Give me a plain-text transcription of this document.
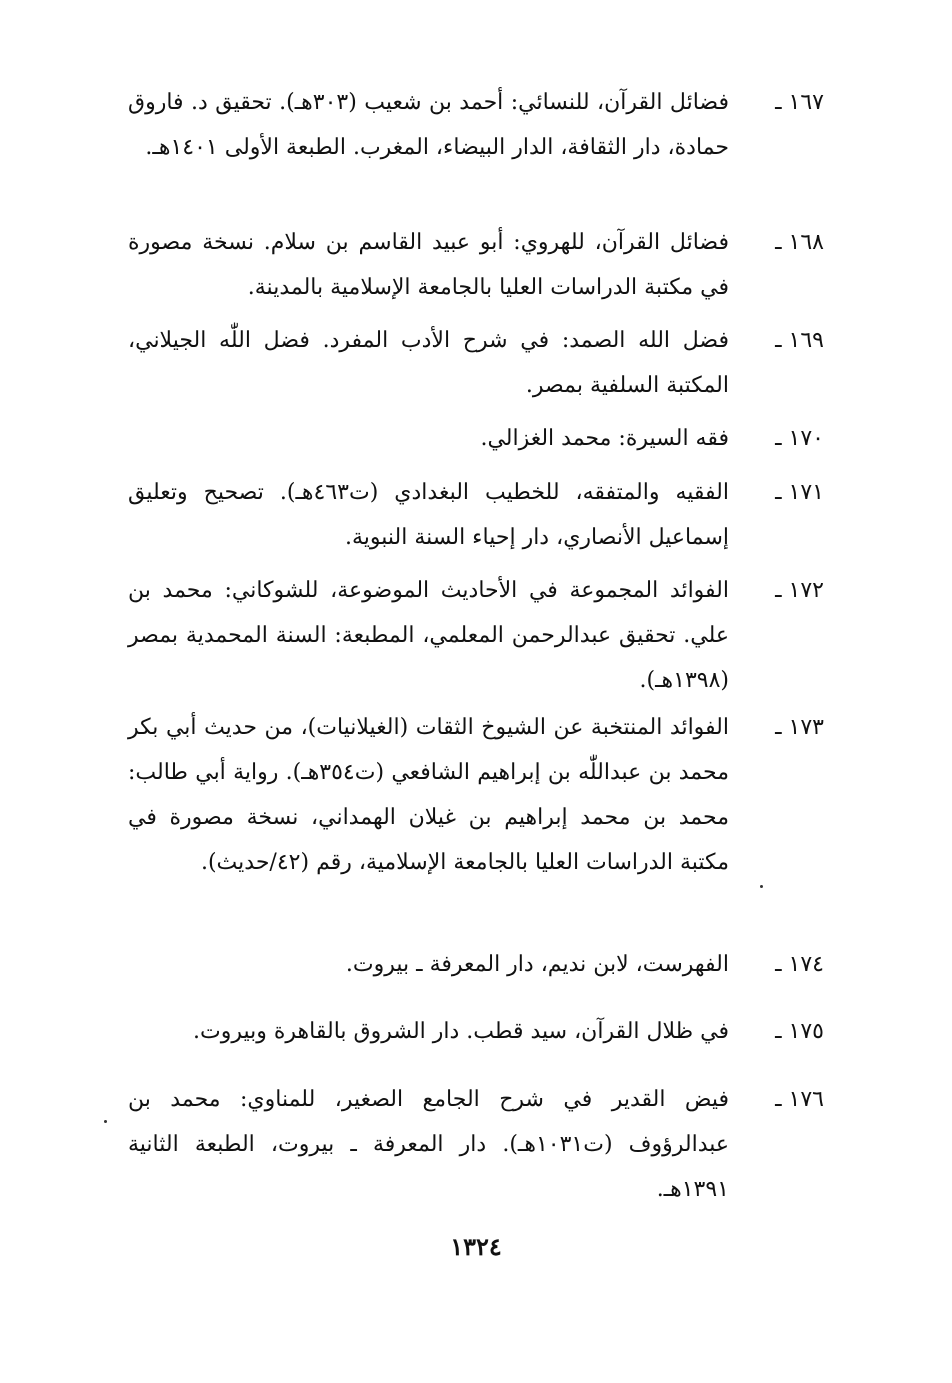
١٦٧ ـ
فضائل القرآن، للنسائي: أحمد بن شعيب (٣٠٣هـ). تحقيق د. فاروق حمادة، دار الثقافة، الدار البيضاء، المغرب. الطبعة الأولى ١٤٠١هـ.
١٦٨ ـ
فضائل القرآن، للهروي: أبو عبيد القاسم بن سلام. نسخة مصورة في مكتبة الدراسات العليا بالجامعة الإسلامية بالمدينة.
١٦٩ ـ
فضل الله الصمد: في شرح الأدب المفرد. فضل اللّٰه الجيلاني، المكتبة السلفية بمصر.
١٧٠ ـ
فقه السيرة: محمد الغزالي.
١٧١ ـ
الفقيه والمتفقه، للخطيب البغدادي (ت٤٦٣هـ). تصحيح وتعليق إسماعيل الأنصاري، دار إحياء السنة النبوية.
١٧٢ ـ
الفوائد المجموعة في الأحاديث الموضوعة، للشوكاني: محمد بن علي. تحقيق عبدالرحمن المعلمي، المطبعة: السنة المحمدية بمصر (١٣٩٨هـ).
١٧٣ ـ
الفوائد المنتخبة عن الشيوخ الثقات (الغيلانيات)، من حديث أبي بكر محمد بن عبداللّٰه بن إبراهيم الشافعي (ت٣٥٤هـ). رواية أبي طالب: محمد بن محمد إبراهيم بن غيلان الهمداني، نسخة مصورة في مكتبة الدراسات العليا بالجامعة الإسلامية، رقم (٤٢/حديث).
١٧٤ ـ
الفهرست، لابن نديم، دار المعرفة ـ بيروت.
١٧٥ ـ
في ظلال القرآن، سيد قطب. دار الشروق بالقاهرة وبيروت.
١٧٦ ـ
فيض القدير في شرح الجامع الصغير، للمناوي: محمد بن عبدالرؤوف (ت١٠٣١هـ). دار المعرفة ـ بيروت، الطبعة الثانية ١٣٩١هـ.
١٣٢٤
